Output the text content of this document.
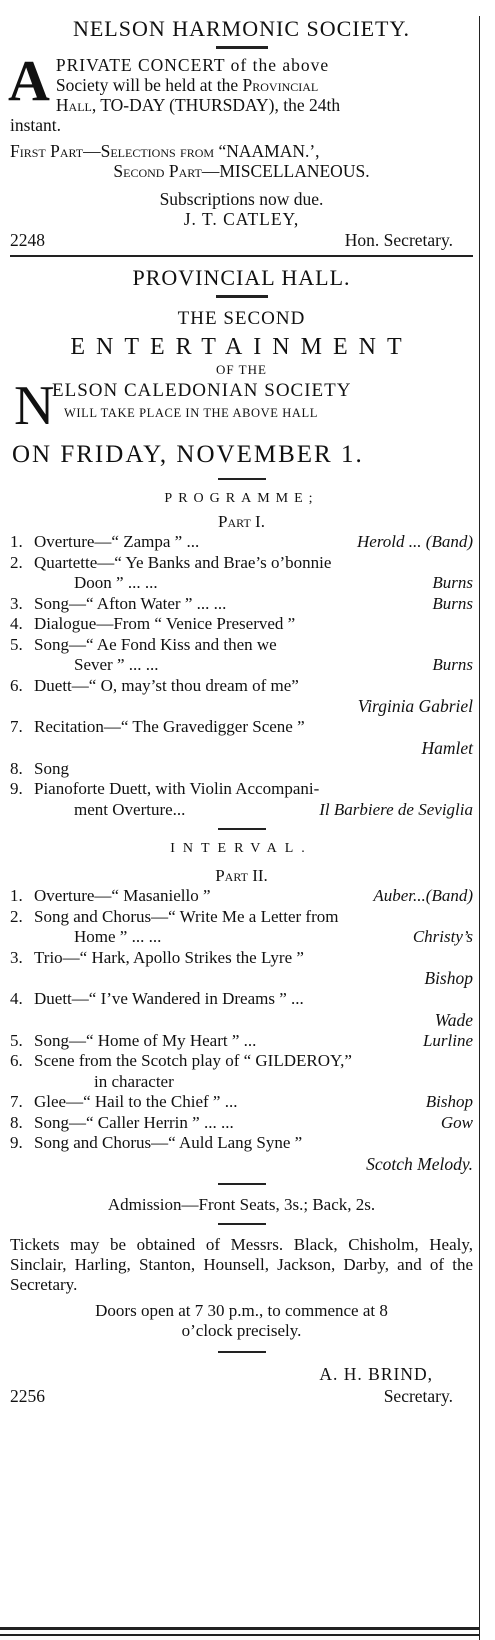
NELSON HARMONIC SOCIETY.
A PRIVATE CONCERT of the above
Society will be held at the Provincial
Hall, TO-DAY (THURSDAY), the 24th
instant.
First Part—Selections from “NAAMAN.’,
Second Part—MISCELLANEOUS.
Subscriptions now due.
J. T. CATLEY,
2248	Hon. Secretary.
PROVINCIAL HALL.
THE SECOND
ENTERTAINMENT
OF THE
N
ELSON CALEDONIAN SOCIETY
WILL TAKE PLACE IN THE ABOVE HALL
ON FRIDAY, NOVEMBER 1.
PROGRAMME;
Part I.
1. Overture—“ Zampa ” ...	Herold ... (Band)
2. Quartette—“ Ye Banks and Brae’s o’bonnie
Doon ” ... ...	Burns
3. Song—“ Afton Water ” ... ...	Burns
4. Dialogue—From “ Venice Preserved ”
5. Song—“ Ae Fond Kiss and then we
Sever ” ... ...	Burns
6. Duett—“ O, may’st thou dream of me”
Virginia Gabriel
7. Recitation—“ The Gravedigger Scene ”
Hamlet
8. Song
9. Pianoforte Duett, with Violin Accompani-
ment Overture...	Il Barbiere de Seviglia
INTERVAL.
Part II.
1. Overture—“ Masaniello ”	Auber...(Band)
2. Song and Chorus—“ Write Me a Letter from
Home ” ... ...	Christy’s
3. Trio—“ Hark, Apollo Strikes the Lyre ”
Bishop
4. Duett—“ I’ve Wandered in Dreams ” ...
Wade
5. Song—“ Home of My Heart ” ...	Lurline
6. Scene from the Scotch play of “ GILDEROY,”
in character
7. Glee—“ Hail to the Chief ” ...	Bishop
8. Song—“ Caller Herrin ” ... ...	Gow
9. Song and Chorus—“ Auld Lang Syne ”
Scotch Melody.
Admission—Front Seats, 3s.; Back, 2s.
Tickets may be obtained of Messrs. Black, Chisholm, Healy, Sinclair, Harling, Stanton, Hounsell, Jackson, Darby, and of the Secretary.
Doors open at 7 30 p.m., to commence at 8
o’clock precisely.
A. H. BRIND,
2256	Secretary.
